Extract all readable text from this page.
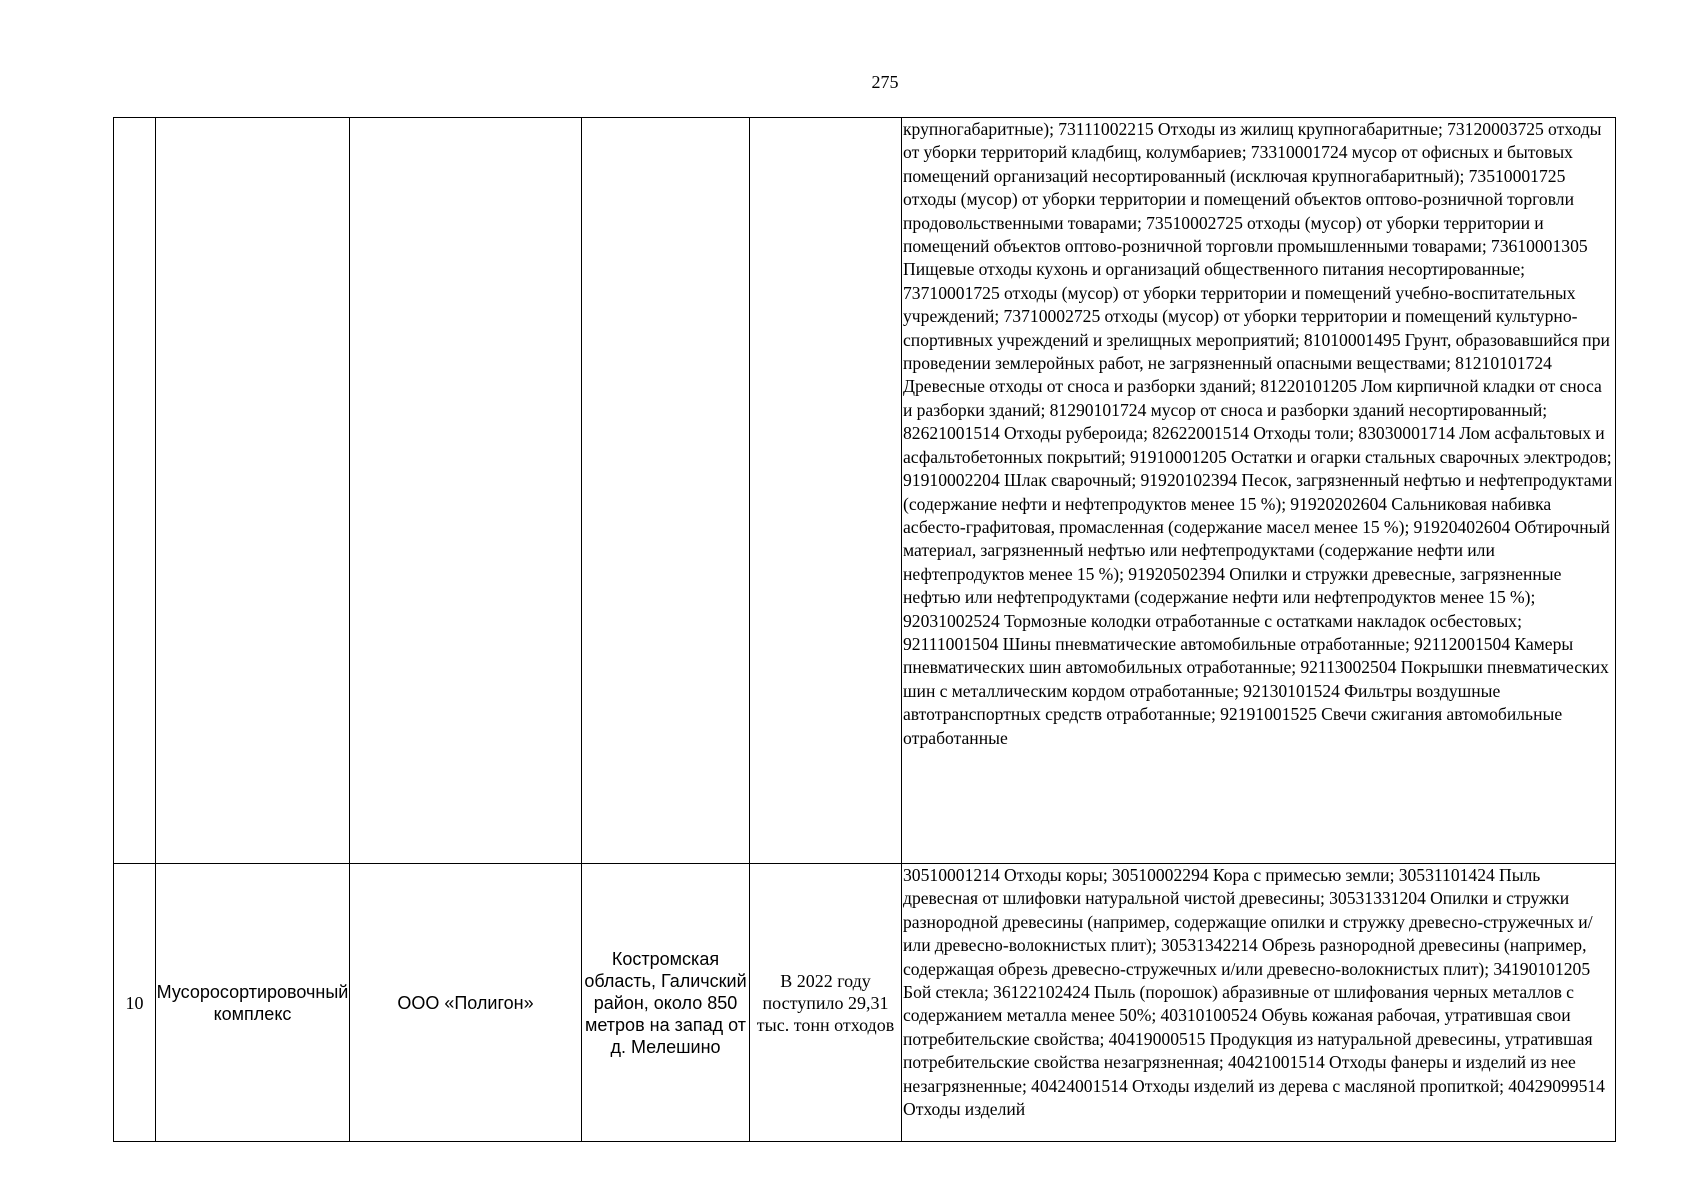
275
					крупногабаритные); 73111002215 Отходы из жилищ крупногабаритные; 73120003725 отходы от уборки территорий кладбищ, колумбариев; 73310001724 мусор от офисных и бытовых помещений организаций несортированный (исключая крупногабаритный); 73510001725 отходы (мусор) от уборки территории и помещений объектов оптово-розничной торговли продовольственными товарами; 73510002725 отходы (мусор) от уборки территории и помещений объектов оптово-розничной торговли промышленными товарами; 73610001305 Пищевые отходы кухонь и организаций общественного питания несортированные; 73710001725 отходы (мусор) от уборки территории и помещений учебно-воспитательных учреждений; 73710002725 отходы (мусор) от уборки территории и помещений культурно-спортивных учреждений и зрелищных мероприятий; 81010001495 Грунт, образовавшийся при проведении землеройных работ, не загрязненный опасными веществами; 81210101724 Древесные отходы от сноса и разборки зданий; 81220101205 Лом кирпичной кладки от сноса и разборки зданий; 81290101724 мусор от сноса и разборки зданий несортированный; 82621001514 Отходы рубероида; 82622001514 Отходы толи; 83030001714 Лом асфальтовых и асфальтобетонных покрытий; 91910001205 Остатки и огарки стальных сварочных электродов; 91910002204 Шлак сварочный; 91920102394 Песок, загрязненный нефтью и нефтепродуктами (содержание нефти и нефтепродуктов менее 15 %); 91920202604 Сальниковая набивка асбесто-графитовая, промасленная (содержание масел менее 15 %); 91920402604 Обтирочный материал, загрязненный нефтью или нефтепродуктами (содержание нефти или нефтепродуктов менее 15 %); 91920502394 Опилки и стружки древесные, загрязненные нефтью или нефтепродуктами (содержание нефти или нефтепродуктов менее 15 %); 92031002524 Тормозные колодки отработанные с остатками накладок осбестовых; 92111001504 Шины пневматические автомобильные отработанные; 92112001504 Камеры пневматических шин автомобильных отработанные; 92113002504 Покрышки пневматических шин с металлическим кордом отработанные; 92130101524 Фильтры воздушные автотранспортных средств отработанные; 92191001525 Свечи сжигания автомобильные отработанные
10	Мусоросортировочный комплекс	ООО «Полигон»	Костромская область, Галичский район, около 850 метров на запад от д. Мелешино	В 2022 году поступило 29,31 тыс. тонн отходов	30510001214 Отходы коры; 30510002294 Кора с примесью земли; 30531101424 Пыль древесная от шлифовки натуральной чистой древесины; 30531331204 Опилки и стружки разнородной древесины (например, содержащие опилки и стружку древесно-стружечных и/или древесно-волокнистых плит); 30531342214 Обрезь разнородной древесины (например, содержащая обрезь древесно-стружечных и/или древесно-волокнистых плит); 34190101205 Бой стекла; 36122102424 Пыль (порошок) абразивные от шлифования черных металлов с содержанием металла менее 50%; 40310100524 Обувь кожаная рабочая, утратившая свои потребительские свойства; 40419000515 Продукция из натуральной древесины, утратившая потребительские свойства незагрязненная; 40421001514 Отходы фанеры и изделий из нее незагрязненные; 40424001514 Отходы изделий из дерева с масляной пропиткой; 40429099514 Отходы изделий
